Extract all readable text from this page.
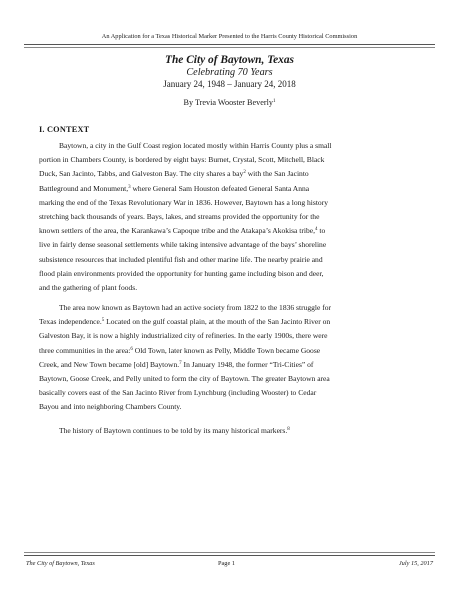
An Application for a Texas Historical Marker Presented to the Harris County Historical Commission
The City of Baytown, Texas
Celebrating 70 Years
January 24, 1948 – January 24, 2018
By Trevia Wooster Beverly$^1$
I. CONTEXT
Baytown, a city in the Gulf Coast region located mostly within Harris County plus a small
portion in Chambers County, is bordered by eight bays: Burnet, Crystal, Scott, Mitchell, Black
Duck, San Jacinto, Tabbs, and Galveston Bay. The city shares a bay$^2$ with the San Jacinto
Battleground and Monument,$^3$ where General Sam Houston defeated General Santa Anna
marking the end of the Texas Revolutionary War in 1836. However, Baytown has a long history
stretching back thousands of years. Bays, lakes, and streams provided the opportunity for the
known settlers of the area, the Karankawa’s Capoque tribe and the Atakapa’s Akokisa tribe,$^4$ to
live in fairly dense seasonal settlements while taking intensive advantage of the bays’ shoreline
subsistence resources that included plentiful fish and other marine life. The nearby prairie and
flood plain environments provided the opportunity for hunting game including bison and deer,
and the gathering of plant foods.
The area now known as Baytown had an active society from 1822 to the 1836 struggle for
Texas independence.$^5$ Located on the gulf coastal plain, at the mouth of the San Jacinto River on
Galveston Bay, it is now a highly industrialized city of refineries. In the early 1900s, there were
three communities in the area:$^6$ Old Town, later known as Pelly, Middle Town became Goose
Creek, and New Town became [old] Baytown.$^7$ In January 1948, the former “Tri-Cities” of
Baytown, Goose Creek, and Pelly united to form the city of Baytown. The greater Baytown area
basically covers east of the San Jacinto River from Lynchburg (including Wooster) to Cedar
Bayou and into neighboring Chambers County.
The history of Baytown continues to be told by its many historical markers.$^8$
The City of Baytown, Texas	Page 1	July 15, 2017
